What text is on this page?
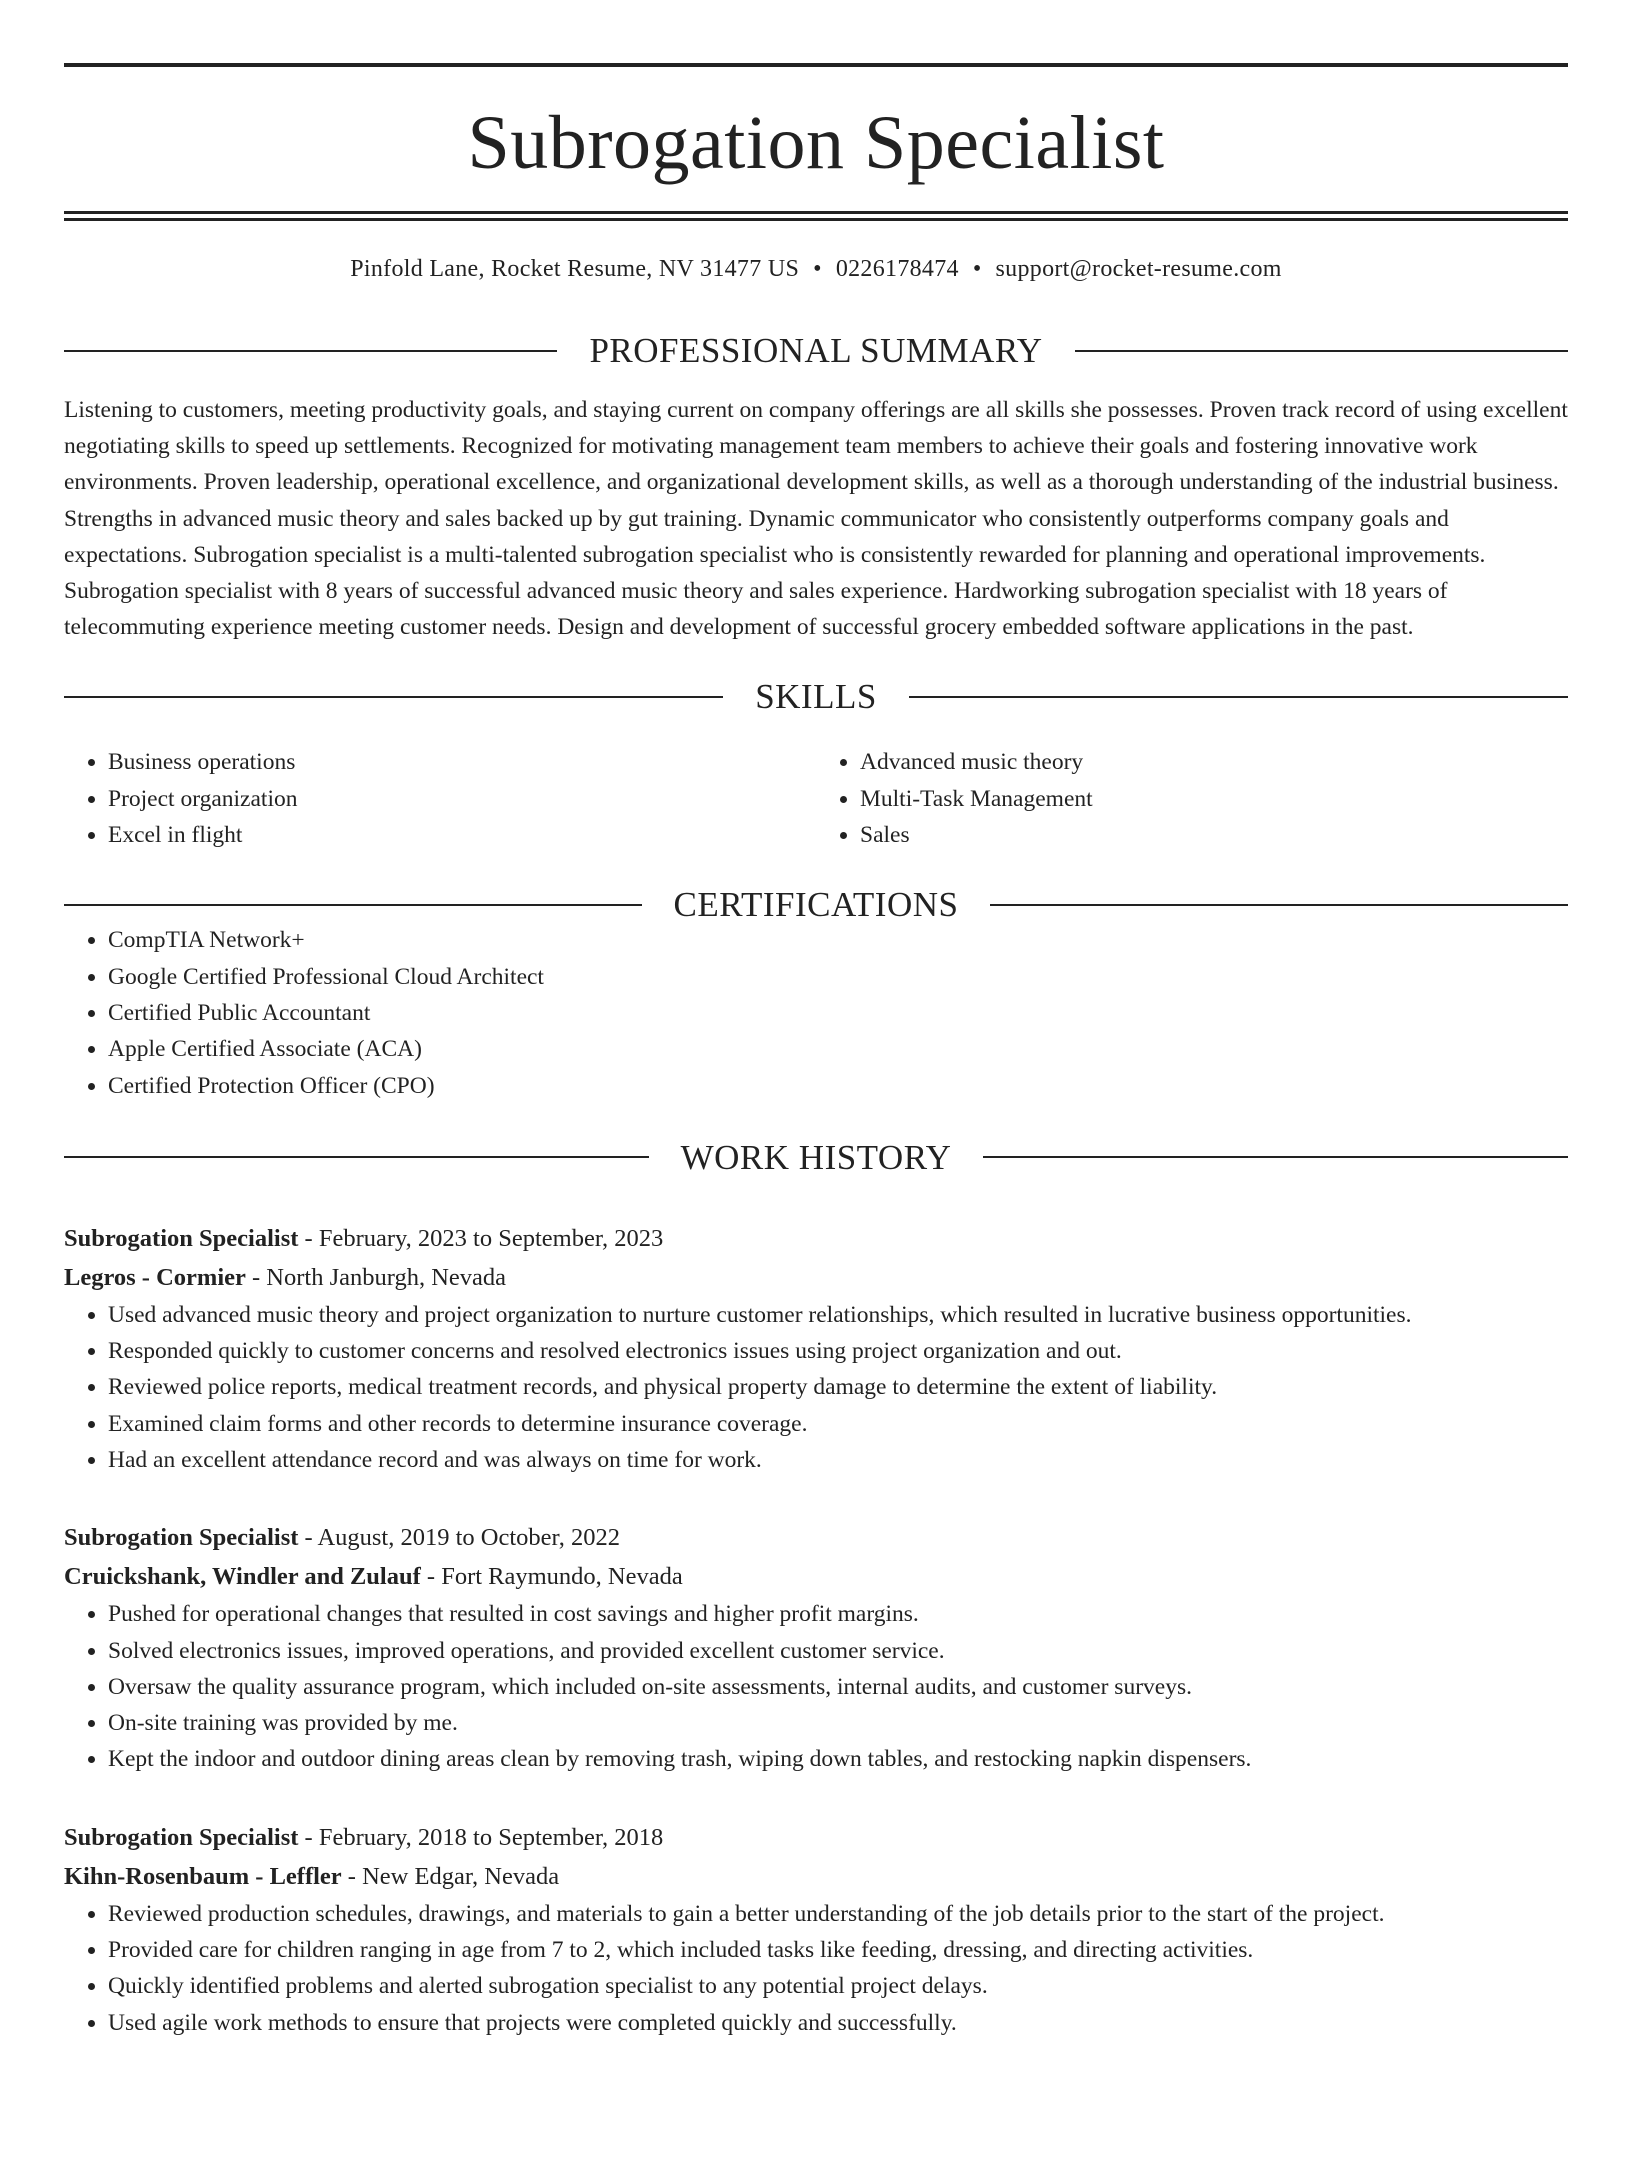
Subrogation Specialist
Pinfold Lane, Rocket Resume, NV 31477 US • 0226178474 • support@rocket-resume.com
PROFESSIONAL SUMMARY

Listening to customers, meeting productivity goals, and staying current on company offerings are all skills she possesses. Proven track record of using excellent negotiating skills to speed up settlements. Recognized for motivating management team members to achieve their goals and fostering innovative work environments. Proven leadership, operational excellence, and organizational development skills, as well as a thorough understanding of the industrial business. Strengths in advanced music theory and sales backed up by gut training. Dynamic communicator who consistently outperforms company goals and expectations. Subrogation specialist is a multi-talented subrogation specialist who is consistently rewarded for planning and operational improvements. Subrogation specialist with 8 years of successful advanced music theory and sales experience. Hardworking subrogation specialist with 18 years of telecommuting experience meeting customer needs. Design and development of successful grocery embedded software applications in the past.

SKILLS
• Business operations
• Project organization
• Excel in flight
• Advanced music theory
• Multi-Task Management
• Sales
CERTIFICATIONS
• CompTIA Network+
• Google Certified Professional Cloud Architect
• Certified Public Accountant
• Apple Certified Associate (ACA)
• Certified Protection Officer (CPO)
WORK HISTORY
Subrogation Specialist - February, 2023 to September, 2023
Legros - Cormier - North Janburgh, Nevada
• Used advanced music theory and project organization to nurture customer relationships, which resulted in lucrative business opportunities.
• Responded quickly to customer concerns and resolved electronics issues using project organization and out.
• Reviewed police reports, medical treatment records, and physical property damage to determine the extent of liability.
• Examined claim forms and other records to determine insurance coverage.
• Had an excellent attendance record and was always on time for work.
Subrogation Specialist - August, 2019 to October, 2022
Cruickshank, Windler and Zulauf - Fort Raymundo, Nevada
• Pushed for operational changes that resulted in cost savings and higher profit margins.
• Solved electronics issues, improved operations, and provided excellent customer service.
• Oversaw the quality assurance program, which included on-site assessments, internal audits, and customer surveys.
• On-site training was provided by me.
• Kept the indoor and outdoor dining areas clean by removing trash, wiping down tables, and restocking napkin dispensers.
Subrogation Specialist - February, 2018 to September, 2018
Kihn-Rosenbaum - Leffler - New Edgar, Nevada
• Reviewed production schedules, drawings, and materials to gain a better understanding of the job details prior to the start of the project.
• Provided care for children ranging in age from 7 to 2, which included tasks like feeding, dressing, and directing activities.
• Quickly identified problems and alerted subrogation specialist to any potential project delays.
• Used agile work methods to ensure that projects were completed quickly and successfully.
